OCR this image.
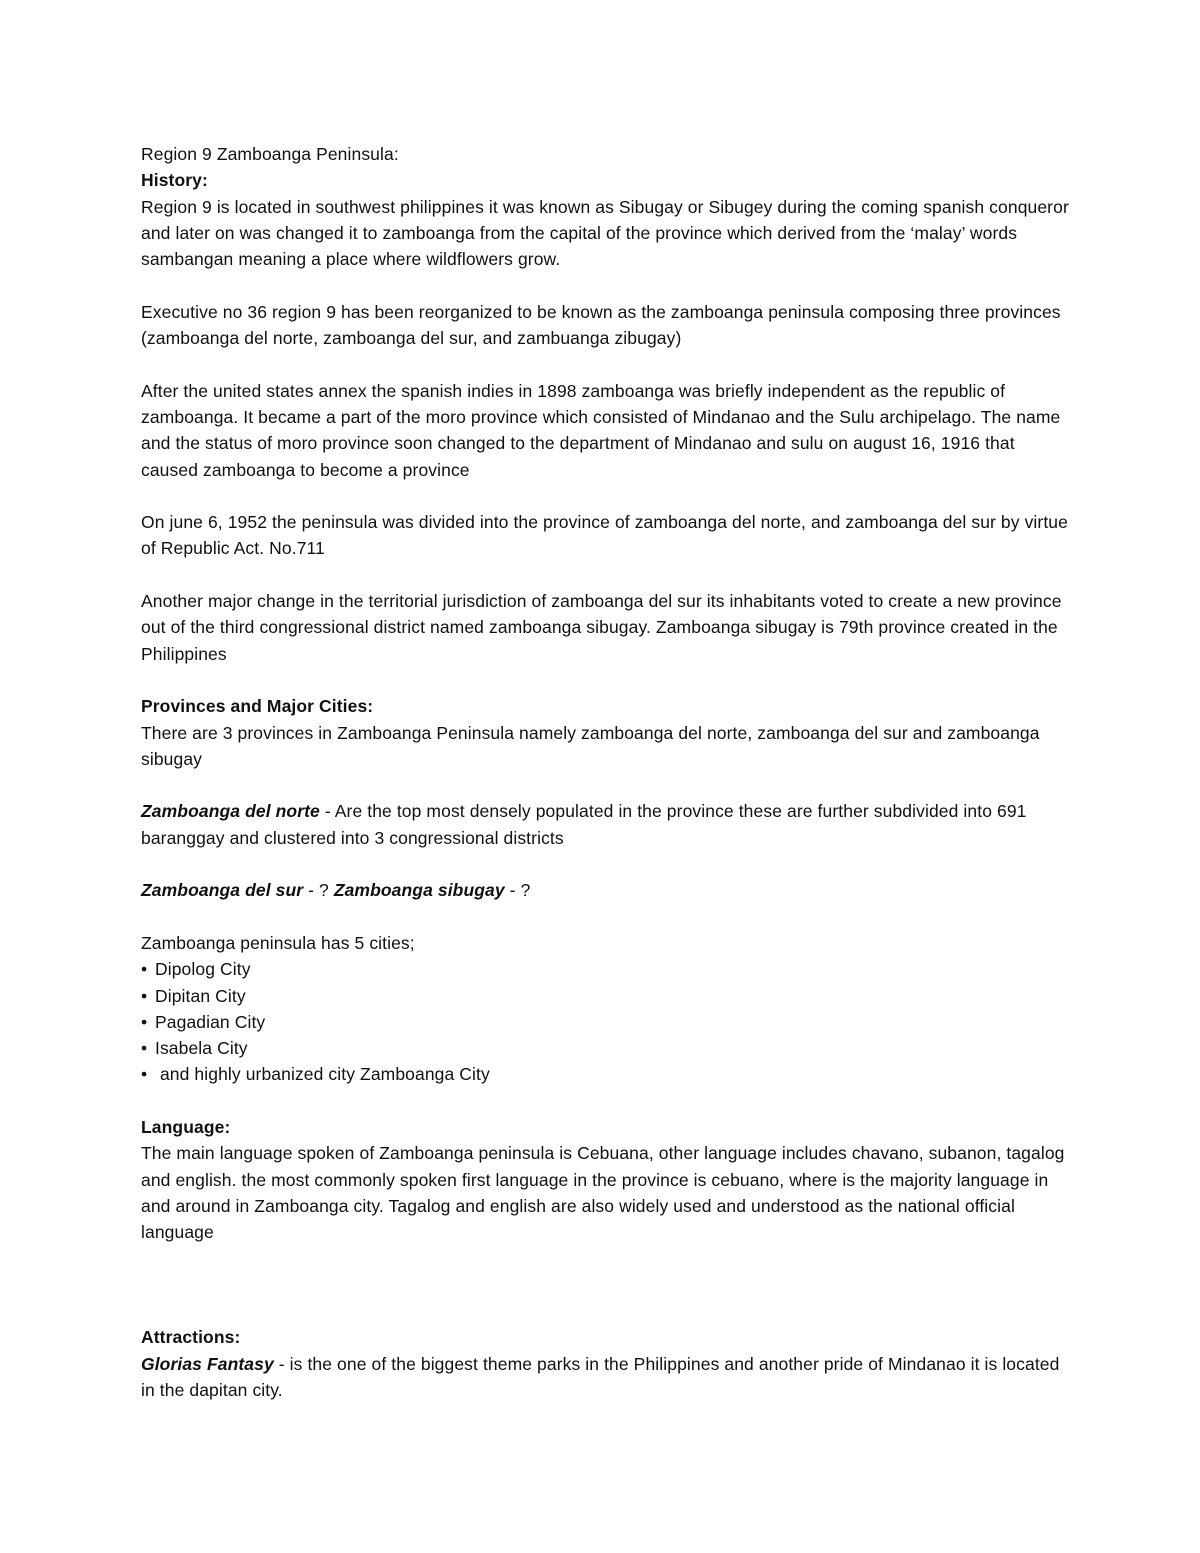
Region 9 Zamboanga Peninsula:

History:

Region 9 is located in southwest philippines it was known as Sibugay or Sibugey during the coming spanish conqueror and later on was changed it to zamboanga from the capital of the province which derived from the ‘malay’ words sambangan meaning a place where wildflowers grow.

Executive no 36 region 9 has been reorganized to be known as the zamboanga peninsula composing three provinces (zamboanga del norte, zamboanga del sur, and zambuanga zibugay)

After the united states annex the spanish indies in 1898 zamboanga was briefly independent as the republic of zamboanga. It became a part of the moro province which consisted of Mindanao and the Sulu archipelago. The name and the status of moro province soon changed to the department of Mindanao and sulu on august 16, 1916 that caused zamboanga to become a province

On june 6, 1952 the peninsula was divided into the province of zamboanga del norte, and zamboanga del sur by virtue of Republic Act. No.711

Another major change in the territorial jurisdiction of zamboanga del sur its inhabitants voted to create a new province out of the third congressional district named zamboanga sibugay. Zamboanga sibugay is 79th province created in the Philippines

Provinces and Major Cities:

There are 3 provinces in Zamboanga Peninsula namely zamboanga del norte, zamboanga del sur and zamboanga sibugay

Zamboanga del norte - Are the top most densely populated in the province these are further subdivided into 691 baranggay and clustered into 3 congressional districts

Zamboanga del sur - ? Zamboanga sibugay - ?

Zamboanga peninsula has 5 cities;

• Dipolog City
• Dipitan City
• Pagadian City
• Isabela City
• and highly urbanized city Zamboanga City

Language:

The main language spoken of Zamboanga peninsula is Cebuana, other language includes chavano, subanon, tagalog and english. the most commonly spoken first language in the province is cebuano, where is the majority language in and around in Zamboanga city. Tagalog and english are also widely used and understood as the national official language

Attractions:

Glorias Fantasy - is the one of the biggest theme parks in the Philippines and another pride of Mindanao it is located in the dapitan city.
